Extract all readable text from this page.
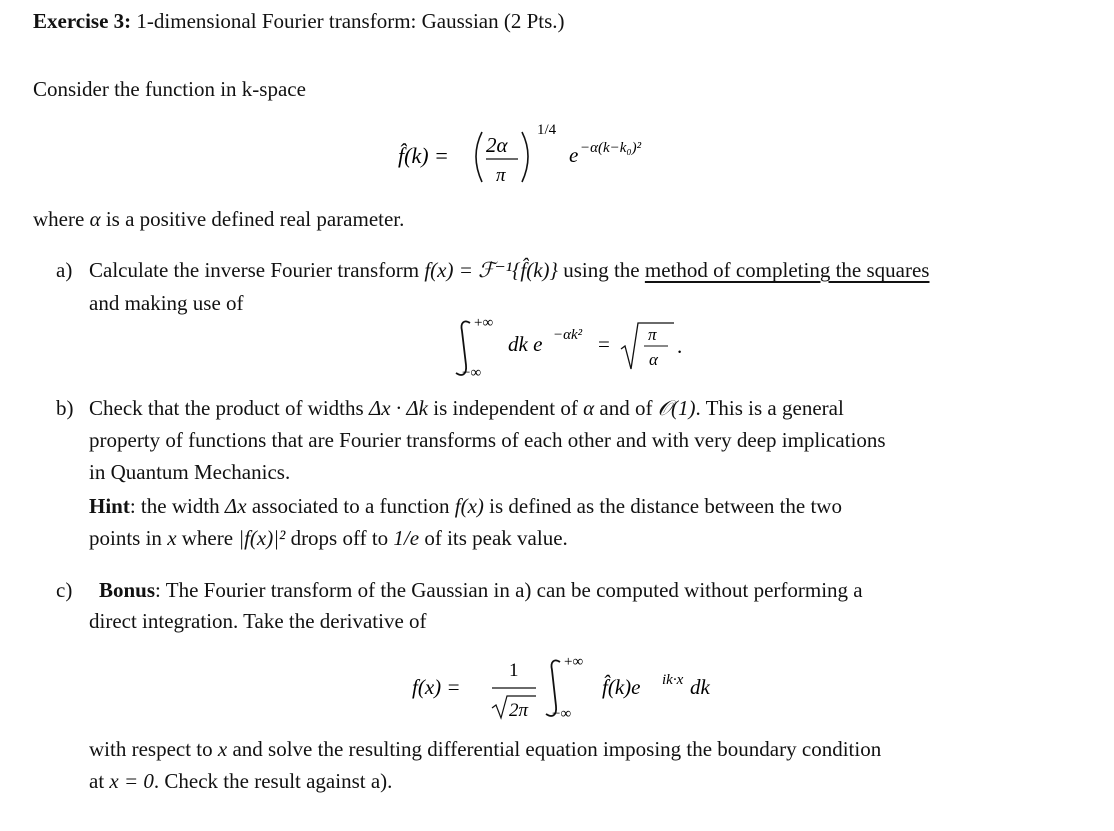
Exercise 3: 1-dimensional Fourier transform: Gaussian (2 Pts.)
Consider the function in k-space
f̂(k) = 2α
π
1/4
e −α(k−k₀)²
where α is a positive defined real parameter.
a) Calculate the inverse Fourier transform f(x) = ℱ⁻¹{f̂(k)} using the method of completing the squares
and making use of
+∞
−∞
dk e −αk² = π
α
.
b) Check that the product of widths Δx · Δk is independent of α and of 𝒪(1). This is a general
property of functions that are Fourier transforms of each other and with very deep implications
in Quantum Mechanics.
Hint: the width Δx associated to a function f(x) is defined as the distance between the two
points in x where |f(x)|² drops off to 1/e of its peak value.
c) Bonus: The Fourier transform of the Gaussian in a) can be computed without performing a
direct integration. Take the derivative of
f(x) =
1
2π
+∞
−∞
f̂(k)e ik·x dk
with respect to x and solve the resulting differential equation imposing the boundary condition
at x = 0. Check the result against a).
